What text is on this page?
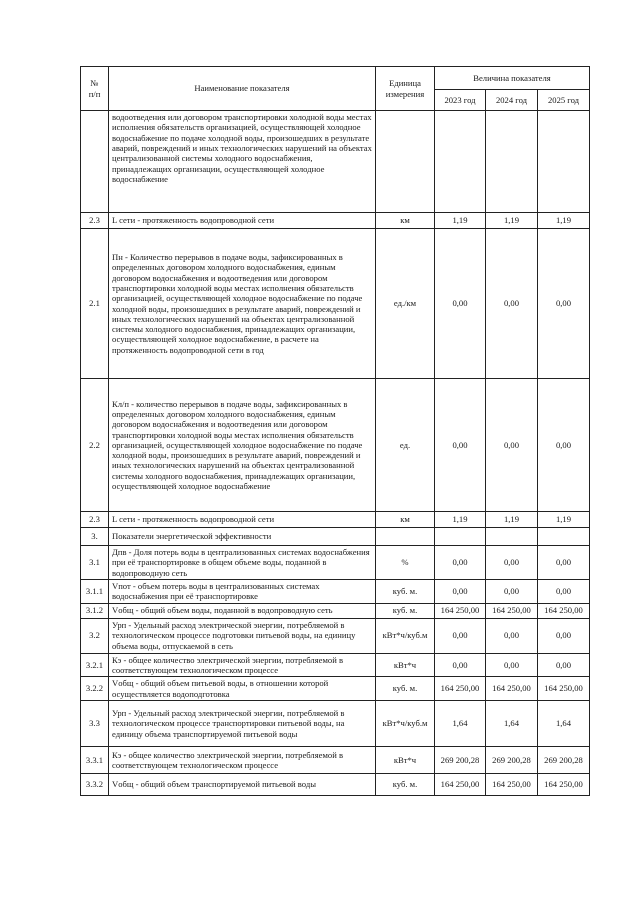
№
п/п	Наименование показателя	Единица
измерения	Величина показателя		
			2023 год	2024 год	2025 год
	водоотведения или договором транспортировки холодной воды местах исполнения обязательств организацией, осуществляющей холодное водоснабжение по подаче холодной воды, произошедших в результате аварий, повреждений и иных технологических нарушений на объектах централизованной системы холодного водоснабжения, принадлежащих организации, осуществляющей холодное водоснабжение				
2.3	L сети - протяженность водопроводной сети	км	1,19	1,19	1,19
2.1	Пн - Количество перерывов в подаче воды, зафиксированных в определенных договором холодного водоснабжения, единым договором водоснабжения и водоотведения или договором транспортировки холодной воды местах исполнения обязательств организацией, осуществляющей холодное водоснабжение по подаче холодной воды, произошедших в результате аварий, повреждений и иных технологических нарушений на объектах централизованной системы холодного водоснабжения, принадлежащих организации, осуществляющей холодное водоснабжение, в расчете на протяженность водопроводной сети в год	ед./км	0,00	0,00	0,00
2.2	Кл/п - количество перерывов в подаче воды, зафиксированных в определенных договором холодного водоснабжения, единым договором водоснабжения и водоотведения или договором транспортировки холодной воды местах исполнения обязательств организацией, осуществляющей холодное водоснабжение по подаче холодной воды, произошедших в результате аварий, повреждений и иных технологических нарушений на объектах централизованной системы холодного водоснабжения, принадлежащих организации, осуществляющей холодное водоснабжение	ед.	0,00	0,00	0,00
2.3	L сети - протяженность водопроводной сети	км	1,19	1,19	1,19
3.	Показатели энергетической эффективности				
3.1	Дпв - Доля потерь воды в централизованных системах водоснабжения при её транспортировке в общем объеме воды, поданной в водопроводную сеть	%	0,00	0,00	0,00
3.1.1	Vпот - объем потерь воды в централизованных системах водоснабжения при её транспортировке	куб. м.	0,00	0,00	0,00
3.1.2	Vобщ - общий объем воды, поданной в водопроводную сеть	куб. м.	164 250,00	164 250,00	164 250,00
3.2	Урп - Удельный расход электрической энергии, потребляемой в технологическом процессе подготовки питьевой воды, на единицу объема воды, отпускаемой в сеть	кВт*ч/куб.м	0,00	0,00	0,00
3.2.1	Кэ - общее количество электрической энергии, потребляемой в соответствующем технологическом процессе	кВт*ч	0,00	0,00	0,00
3.2.2	Vобщ - общий объем питьевой воды, в отношении которой осуществляется водоподготовка	куб. м.	164 250,00	164 250,00	164 250,00
3.3	Урп - Удельный расход электрической энергии, потребляемой в технологическом процессе транспортировки питьевой воды, на единицу объема транспортируемой питьевой воды	кВт*ч/куб.м	1,64	1,64	1,64
3.3.1	Кэ - общее количество электрической энергии, потребляемой в соответствующем технологическом процессе	кВт*ч	269 200,28	269 200,28	269 200,28
3.3.2	Vобщ - общий объем транспортируемой питьевой воды	куб. м.	164 250,00	164 250,00	164 250,00
